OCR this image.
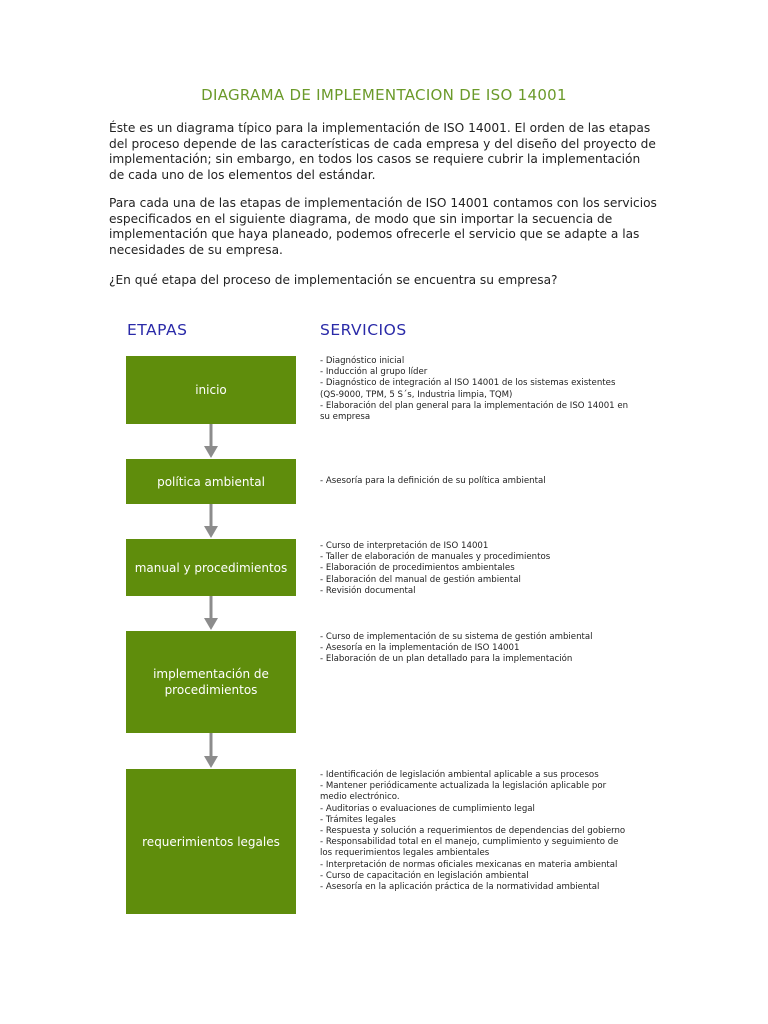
DIAGRAMA DE IMPLEMENTACION DE ISO 14001

Éste es un diagrama típico para la implementación de ISO 14001. El orden de las etapas del proceso depende de las características de cada empresa y del diseño del proyecto de implementación; sin embargo, en todos los casos se requiere cubrir la implementación de cada uno de los elementos del estándar.

Para cada una de las etapas de implementación de ISO 14001 contamos con los servicios especificados en el siguiente diagrama, de modo que sin importar la secuencia de implementación que haya planeado, podemos ofrecerle el servicio que se adapte a las necesidades de su empresa.

¿En qué etapa del proceso de implementación se encuentra su empresa?

ETAPAS	SERVICIOS
inicio
- Diagnóstico inicial
- Inducción al grupo líder
- Diagnóstico de integración al ISO 14001 de los sistemas existentes (QS-9000, TPM, 5 S´s, Industria limpia, TQM)
- Elaboración del plan general para la implementación de ISO 14001 en su empresa
política ambiental	- Asesoría para la definición de su política ambiental
manual y procedimientos
- Curso de interpretación de ISO 14001
- Taller de elaboración de manuales y procedimientos
- Elaboración de procedimientos ambientales
- Elaboración del manual de gestión ambiental
- Revisión documental
implementación de procedimientos
- Curso de implementación de su sistema de gestión ambiental
- Asesoría en la implementación de ISO 14001
- Elaboración de un plan detallado para la implementación
requerimientos legales
- Identificación de legislación ambiental aplicable a sus procesos
- Mantener periódicamente actualizada la legislación aplicable por medio electrónico.
- Auditorias o evaluaciones de cumplimiento legal
- Trámites legales
- Respuesta y solución a requerimientos de dependencias del gobierno
- Responsabilidad total en el manejo, cumplimiento y seguimiento de los requerimientos legales ambientales
- Interpretación de normas oficiales mexicanas en materia ambiental
- Curso de capacitación en legislación ambiental
- Asesoría en la aplicación práctica de la normatividad ambiental
